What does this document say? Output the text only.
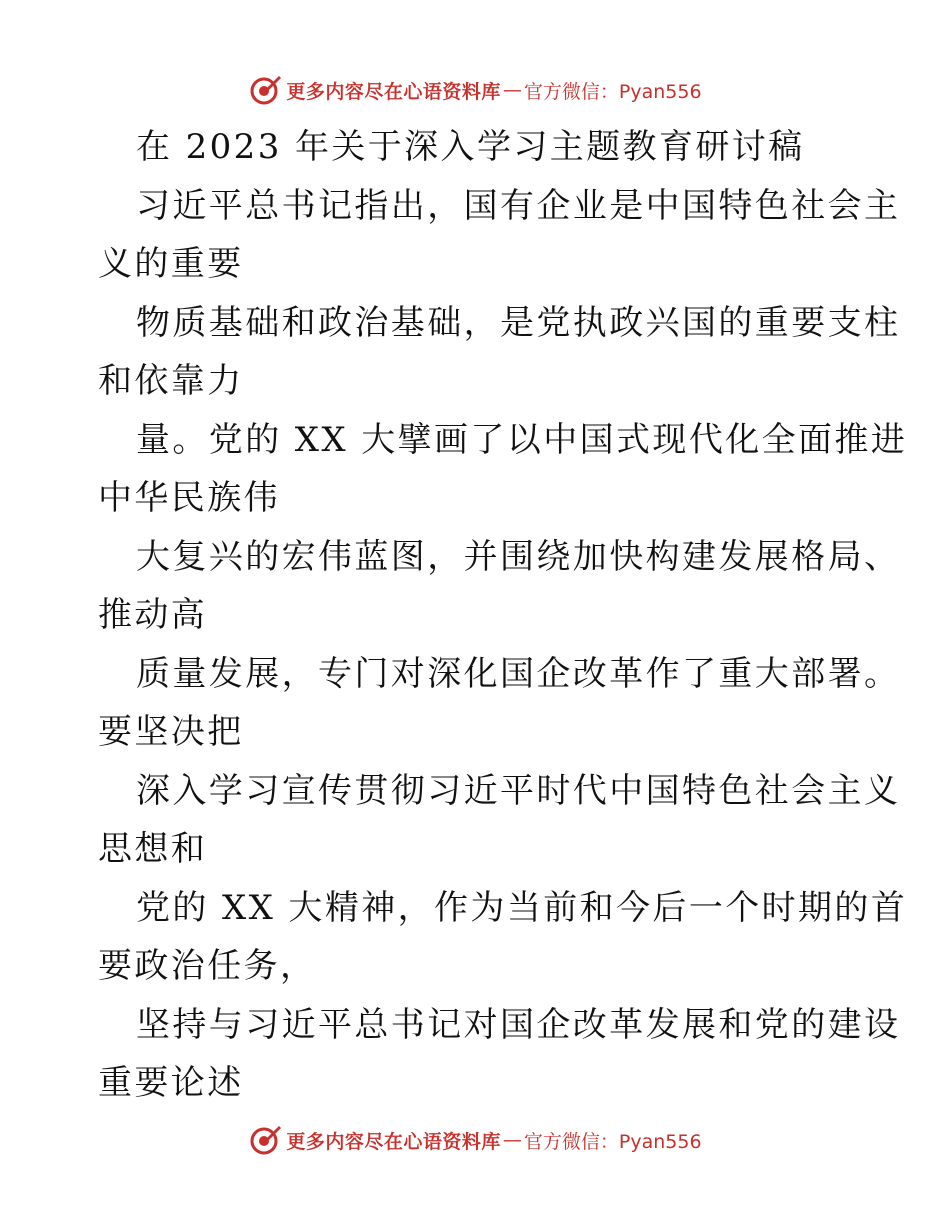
更多内容尽在心语资料库 — 官方微信：Pyan556
在 2023 年关于深入学习主题教育研讨稿
习近平总书记指出，国有企业是中国特色社会主
义的重要
物质基础和政治基础，是党执政兴国的重要支柱
和依靠力
量。党的 XX 大擘画了以中国式现代化全面推进
中华民族伟
大复兴的宏伟蓝图，并围绕加快构建发展格局、
推动高
质量发展，专门对深化国企改革作了重大部署。
要坚决把
深入学习宣传贯彻习近平时代中国特色社会主义
思想和
党的 XX 大精神，作为当前和今后一个时期的首
要政治任务，
坚持与习近平总书记对国企改革发展和党的建设
重要论述
更多内容尽在心语资料库 — 官方微信：Pyan556
